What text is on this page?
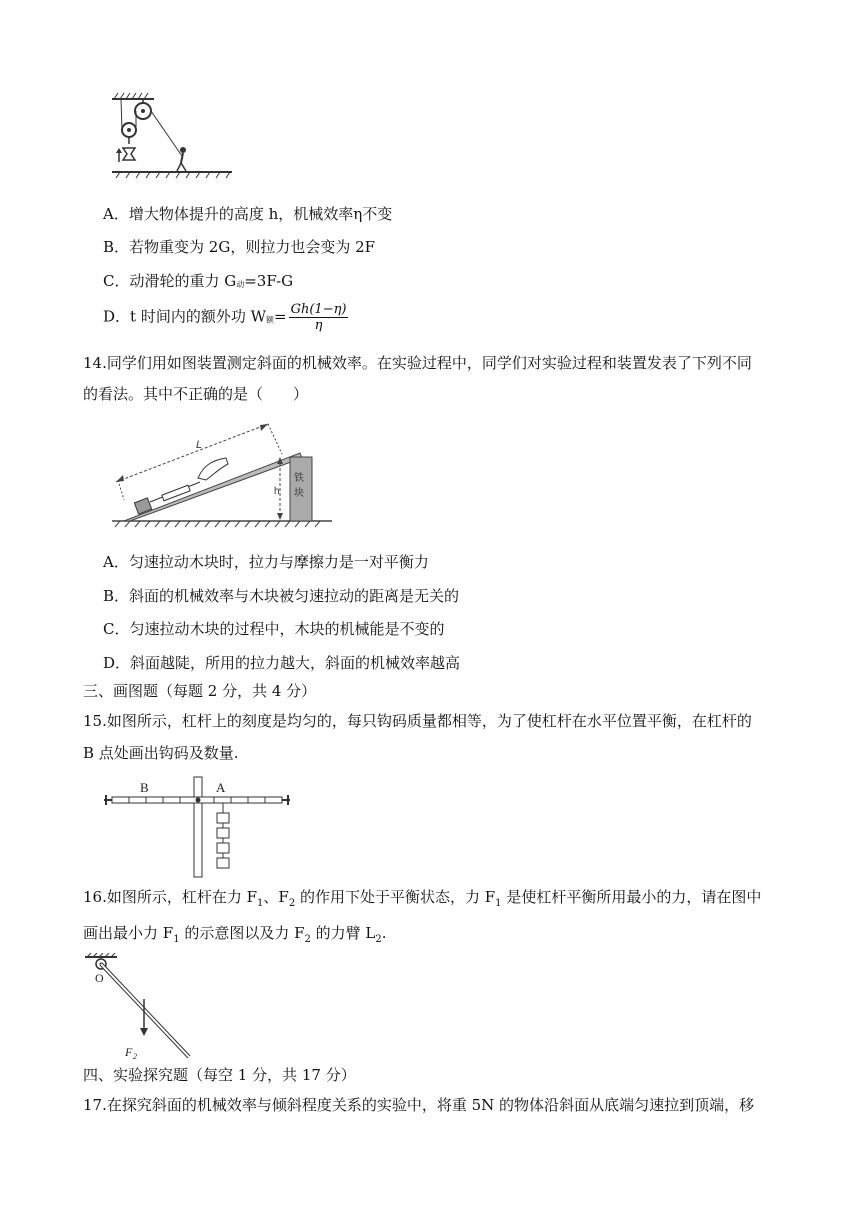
A．增大物体提升的高度 h，机械效率η不变
B．若物重变为 2G，则拉力也会变为 2F
C．动滑轮的重力 G动=3F-G
D．t 时间内的额外功 W额= $\frac{Gh(1-\eta)}{\eta}$
14.同学们用如图装置测定斜面的机械效率。在实验过程中，同学们对实验过程和装置发表了下列不同
的看法。其中不正确的是（　　）
铁
块
L
h
A．匀速拉动木块时，拉力与摩擦力是一对平衡力
B．斜面的机械效率与木块被匀速拉动的距离是无关的
C．匀速拉动木块的过程中，木块的机械能是不变的
D．斜面越陡，所用的拉力越大，斜面的机械效率越高
三、画图题（每题 2 分，共 4 分）
15.如图所示，杠杆上的刻度是均匀的，每只钩码质量都相等，为了使杠杆在水平位置平衡，在杠杆的
B 点处画出钩码及数量.
B	A
16.如图所示，杠杆在力 $F_1$、$F_2$ 的作用下处于平衡状态，力 $F_1$ 是使杠杆平衡所用最小的力，请在图中
画出最小力 $F_1$ 的示意图以及力 $F_2$ 的力臂 $L_2$.
O
F 2
四、实验探究题（每空 1 分，共 17 分）
17.在探究斜面的机械效率与倾斜程度关系的实验中，将重 5N 的物体沿斜面从底端匀速拉到顶端，移
